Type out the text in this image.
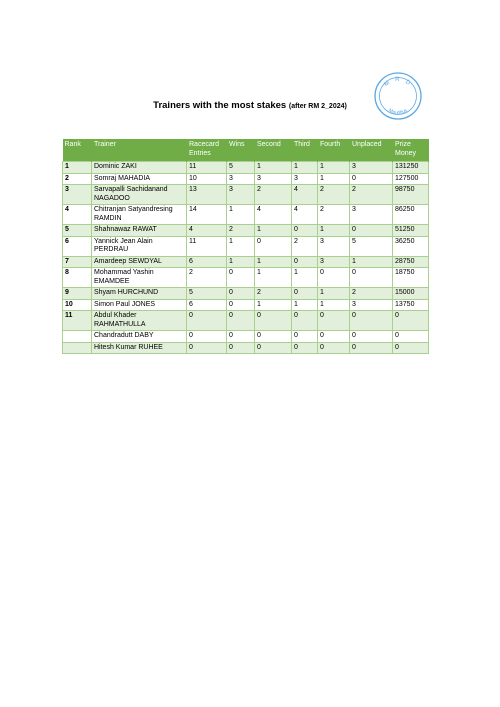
M R D
Mauritius
Trainers with the most stakes (after RM 2_2024)
Rank	Trainer	Racecard Entries	Wins	Second	Third	Fourth	Unplaced	Prize Money
1	Dominic ZAKI	11	5	1	1	1	3	131250
2	Somraj MAHADIA	10	3	3	3	1	0	127500
3	Sarvapalli Sachidanand NAGADOO	13	3	2	4	2	2	98750
4	Chitranjan Satyandresing RAMDIN	14	1	4	4	2	3	86250
5	Shahnawaz RAWAT	4	2	1	0	1	0	51250
6	Yannick Jean Alain PERDRAU	11	1	0	2	3	5	36250
7	Amardeep SEWDYAL	6	1	1	0	3	1	28750
8	Mohammad Yashin EMAMDEE	2	0	1	1	0	0	18750
9	Shyam HURCHUND	5	0	2	0	1	2	15000
10	Simon Paul JONES	6	0	1	1	1	3	13750
11	Abdul Khader RAHMATHULLA	0	0	0	0	0	0	0
	Chandradutt DABY	0	0	0	0	0	0	0
	Hitesh Kumar RUHEE	0	0	0	0	0	0	0
